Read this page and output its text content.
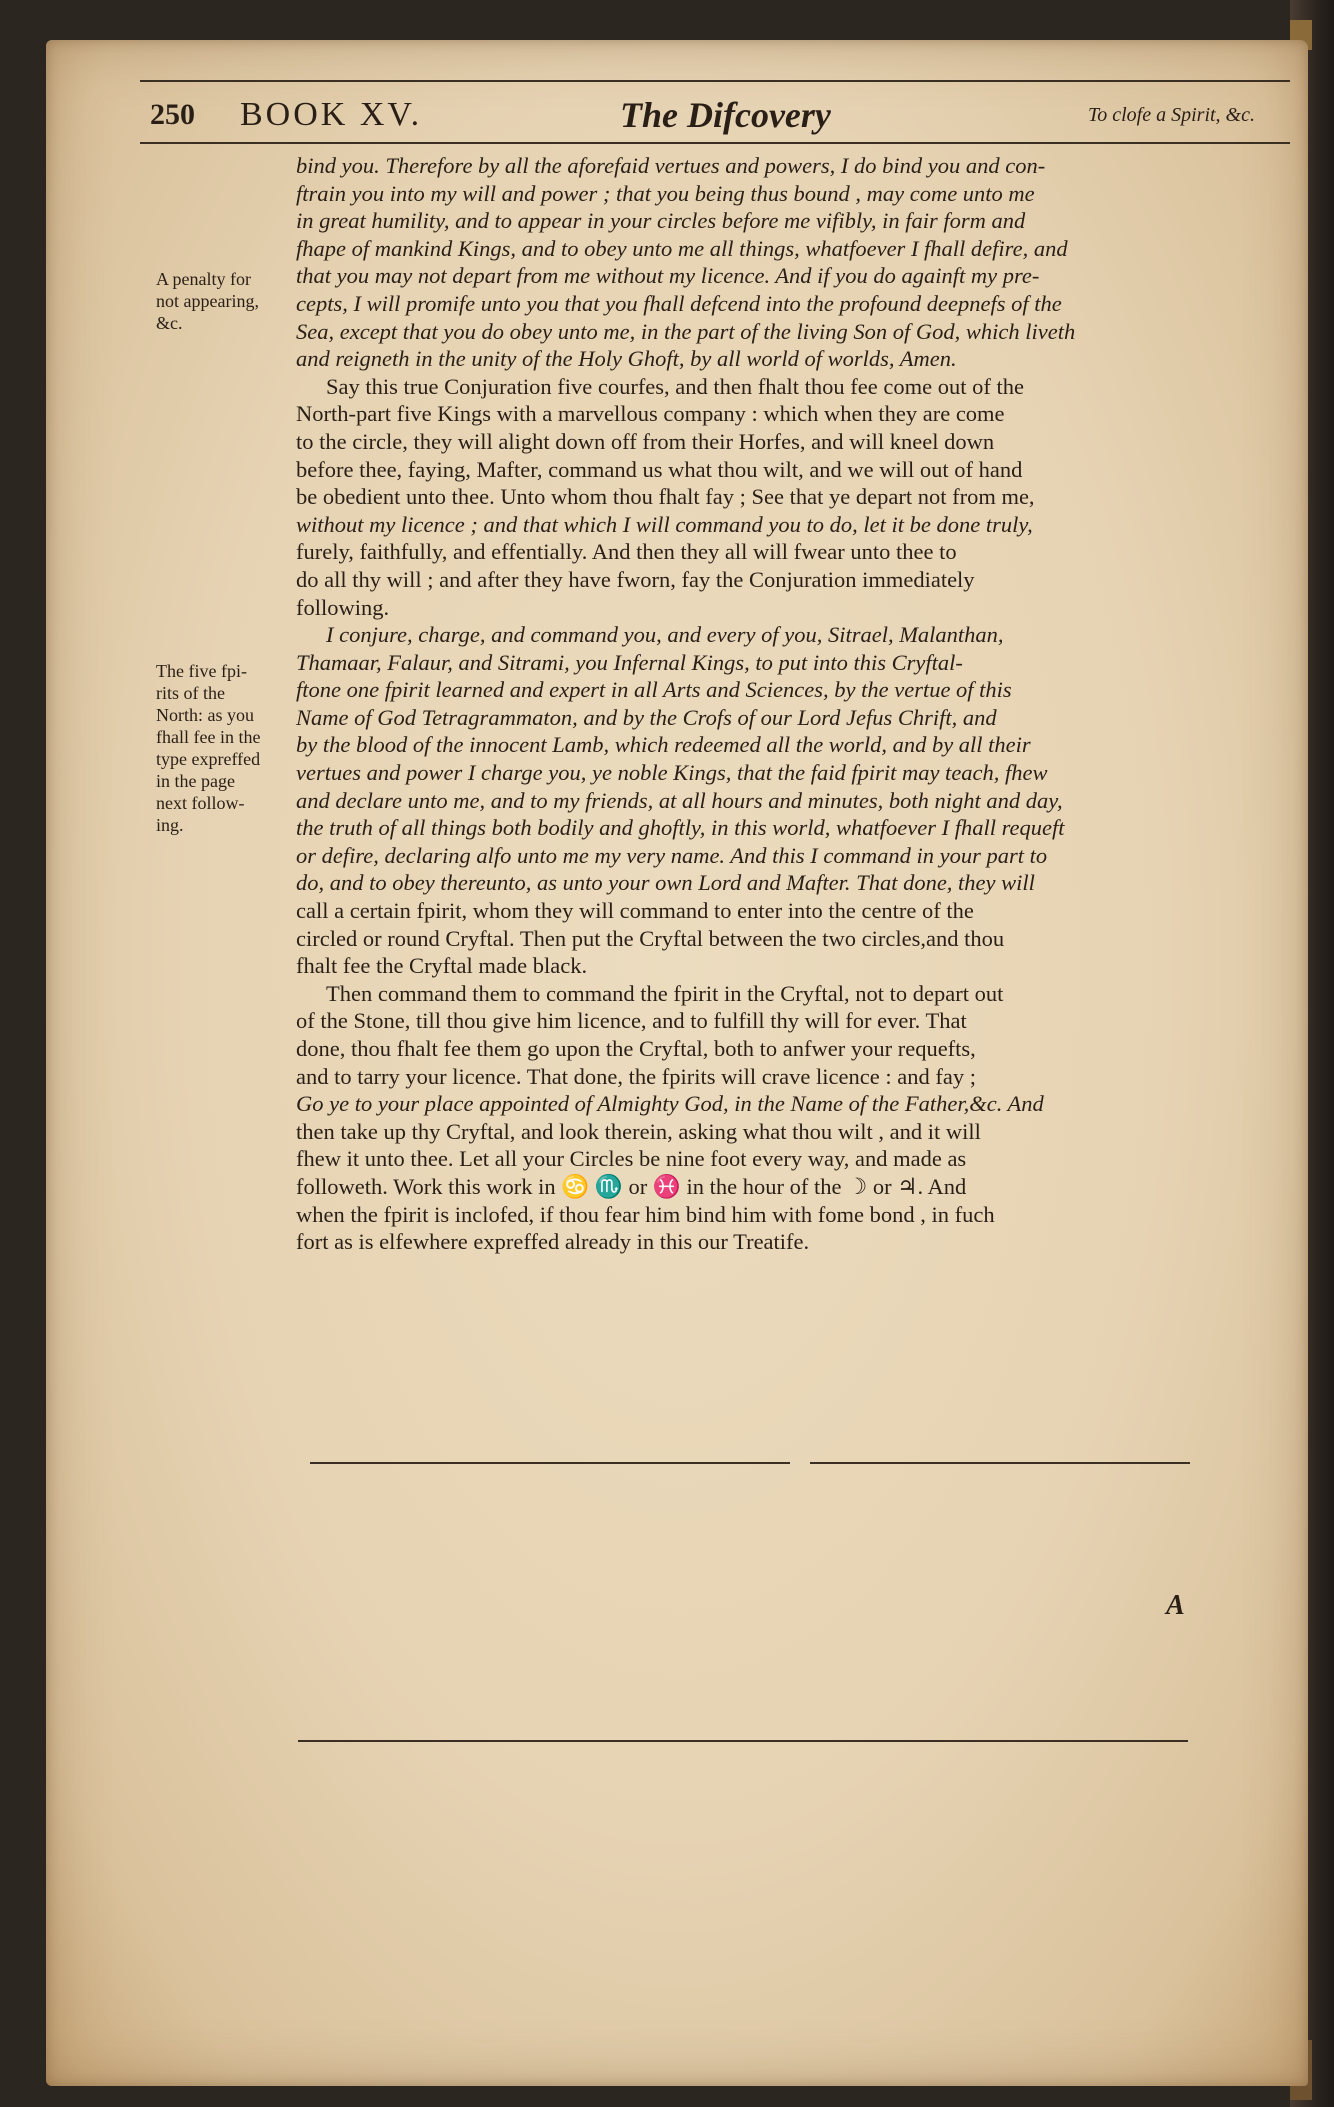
250 BOOK XV.	The Difcovery	To clofe a Spirit, &c.
A penalty for
not appearing,
&c.
The five fpi-
rits of the
North: as you
fhall fee in the
type expreffed
in the page
next follow-
ing.
bind you. Therefore by all the aforefaid vertues and powers, I do bind you and con-
ftrain you into my will and power ; that you being thus bound , may come unto me
in great humility, and to appear in your circles before me vifibly, in fair form and
fhape of mankind Kings, and to obey unto me all things, whatfoever I fhall defire, and
that you may not depart from me without my licence. And if you do againft my pre-
cepts, I will promife unto you that you fhall defcend into the profound deepnefs of the
Sea, except that you do obey unto me, in the part of the living Son of God, which liveth
and reigneth in the unity of the Holy Ghoft, by all world of worlds, Amen.
Say this true Conjuration five courfes, and then fhalt thou fee come out of the
North-part five Kings with a marvellous company : which when they are come
to the circle, they will alight down off from their Horfes, and will kneel down
before thee, faying, Mafter, command us what thou wilt, and we will out of hand
be obedient unto thee. Unto whom thou fhalt fay ; See that ye depart not from me,
without my licence ; and that which I will command you to do, let it be done truly,
furely, faithfully, and effentially. And then they all will fwear unto thee to
do all thy will ; and after they have fworn, fay the Conjuration immediately
following.
I conjure, charge, and command you, and every of you, Sitrael, Malanthan,
Thamaar, Falaur, and Sitrami, you Infernal Kings, to put into this Cryftal-
ftone one fpirit learned and expert in all Arts and Sciences, by the vertue of this
Name of God Tetragrammaton, and by the Crofs of our Lord Jefus Chrift, and
by the blood of the innocent Lamb, which redeemed all the world, and by all their
vertues and power I charge you, ye noble Kings, that the faid fpirit may teach, fhew
and declare unto me, and to my friends, at all hours and minutes, both night and day,
the truth of all things both bodily and ghoftly, in this world, whatfoever I fhall requeft
or defire, declaring alfo unto me my very name. And this I command in your part to
do, and to obey thereunto, as unto your own Lord and Mafter. That done, they will
call a certain fpirit, whom they will command to enter into the centre of the
circled or round Cryftal. Then put the Cryftal between the two circles,and thou
fhalt fee the Cryftal made black.
Then command them to command the fpirit in the Cryftal, not to depart out
of the Stone, till thou give him licence, and to fulfill thy will for ever. That
done, thou fhalt fee them go upon the Cryftal, both to anfwer your requefts,
and to tarry your licence. That done, the fpirits will crave licence : and fay ;
Go ye to your place appointed of Almighty God, in the Name of the Father,&c. And
then take up thy Cryftal, and look therein, asking what thou wilt , and it will
fhew it unto thee. Let all your Circles be nine foot every way, and made as
followeth. Work this work in ♋ ♏ or ♓ in the hour of the ☽ or ♃. And
when the fpirit is inclofed, if thou fear him bind him with fome bond , in fuch
fort as is elfewhere expreffed already in this our Treatife.
A
